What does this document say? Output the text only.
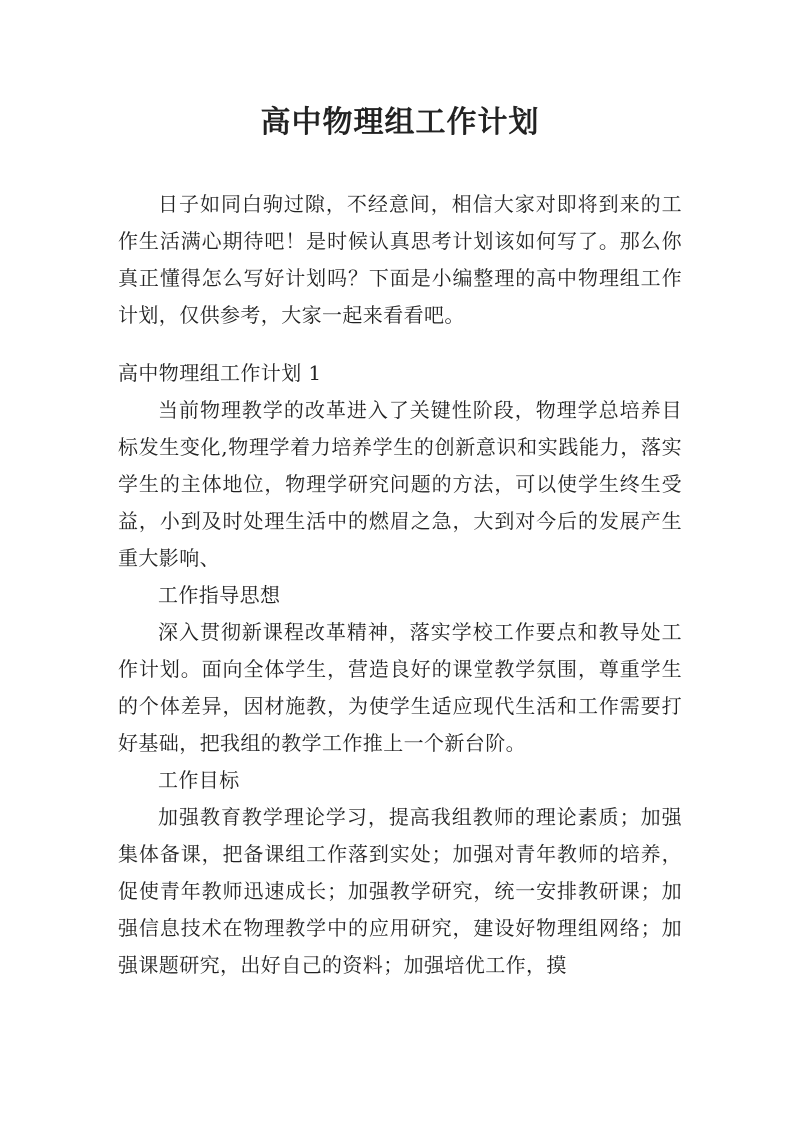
高中物理组工作计划

日子如同白驹过隙，不经意间，相信大家对即将到来的工作生活满心期待吧！是时候认真思考计划该如何写了。那么你真正懂得怎么写好计划吗？下面是小编整理的高中物理组工作计划，仅供参考，大家一起来看看吧。

高中物理组工作计划 1

当前物理教学的改革进入了关键性阶段，物理学总培养目标发生变化,物理学着力培养学生的创新意识和实践能力，落实学生的主体地位，物理学研究问题的方法，可以使学生终生受益，小到及时处理生活中的燃眉之急，大到对今后的发展产生重大影响、

工作指导思想

深入贯彻新课程改革精神，落实学校工作要点和教导处工作计划。面向全体学生，营造良好的课堂教学氛围，尊重学生的个体差异，因材施教，为使学生适应现代生活和工作需要打好基础，把我组的教学工作推上一个新台阶。

工作目标

加强教育教学理论学习，提高我组教师的理论素质；加强集体备课，把备课组工作落到实处；加强对青年教师的培养，促使青年教师迅速成长；加强教学研究，统一安排教研课；加强信息技术在物理教学中的应用研究，建设好物理组网络；加强课题研究，出好自己的资料；加强培优工作，摸
